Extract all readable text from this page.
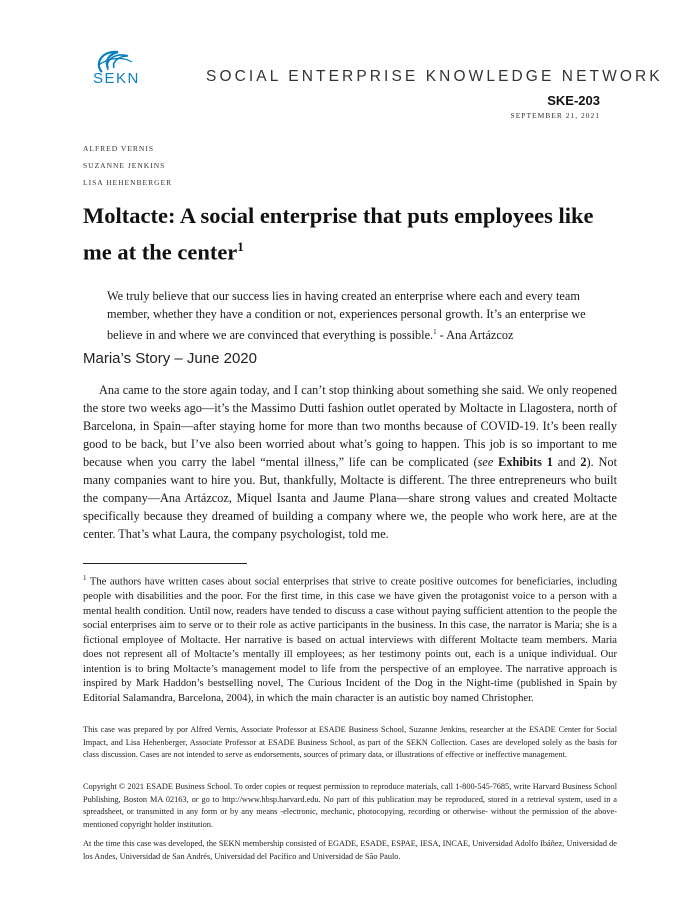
SEKN	SOCIAL ENTERPRISE KNOWLEDGE NETWORK
SKE-203
SEPTEMBER 21, 2021
ALFRED VERNIS
SUZANNE JENKINS
LISA HEHENBERGER
Moltacte: A social enterprise that puts employees like me at the center$^1$
We truly believe that our success lies in having created an enterprise where each and every team member, whether they have a condition or not, experiences personal growth. It’s an enterprise we believe in and where we are convinced that everything is possible.$^1$ - Ana Artázcoz
Maria’s Story – June 2020
Ana came to the store again today, and I can’t stop thinking about something she said. We only reopened the store two weeks ago—it’s the Massimo Dutti fashion outlet operated by Moltacte in Llagostera, north of Barcelona, in Spain—after staying home for more than two months because of COVID-19. It’s been really good to be back, but I’ve also been worried about what’s going to happen. This job is so important to me because when you carry the label “mental illness,” life can be complicated (see Exhibits 1 and 2). Not many companies want to hire you. But, thankfully, Moltacte is different. The three entrepreneurs who built the company—Ana Artázcoz, Miquel Isanta and Jaume Plana—share strong values and created Moltacte specifically because they dreamed of building a company where we, the people who work here, are at the center. That’s what Laura, the company psychologist, told me.
$^1$ The authors have written cases about social enterprises that strive to create positive outcomes for beneficiaries, including people with disabilities and the poor. For the first time, in this case we have given the protagonist voice to a person with a mental health condition. Until now, readers have tended to discuss a case without paying sufficient attention to the people the social enterprises aim to serve or to their role as active participants in the business. In this case, the narrator is Maria; she is a fictional employee of Moltacte. Her narrative is based on actual interviews with different Moltacte team members. Maria does not represent all of Moltacte’s mentally ill employees; as her testimony points out, each is a unique individual. Our intention is to bring Moltacte’s management model to life from the perspective of an employee. The narrative approach is inspired by Mark Haddon’s bestselling novel, The Curious Incident of the Dog in the Night-time (published in Spain by Editorial Salamandra, Barcelona, 2004), in which the main character is an autistic boy named Christopher.
This case was prepared by por Alfred Vernis, Associate Professor at ESADE Business School, Suzanne Jenkins, researcher at the ESADE Center for Social Impact, and Lisa Hehenberger, Associate Professor at ESADE Business School, as part of the SEKN Collection. Cases are developed solely as the basis for class discussion. Cases are not intended to serve as endorsements, sources of primary data, or illustrations of effective or ineffective management.
Copyright © 2021 ESADE Business School. To order copies or request permission to reproduce materials, call 1-800-545-7685, write Harvard Business School Publishing, Boston MA 02163, or go to http://www.hbsp.harvard.edu. No part of this publication may be reproduced, stored in a retrieval system, used in a spreadsheet, or transmitted in any form or by any means -electronic, mechanic, photocopying, recording or otherwise- without the permission of the above-mentioned copyright holder institution.
At the time this case was developed, the SEKN membership consisted of EGADE, ESADE, ESPAE, IESA, INCAE, Universidad Adolfo Ibáñez, Universidad de los Andes, Universidad de San Andrés, Universidad del Pacífico and Universidad de São Paulo.
